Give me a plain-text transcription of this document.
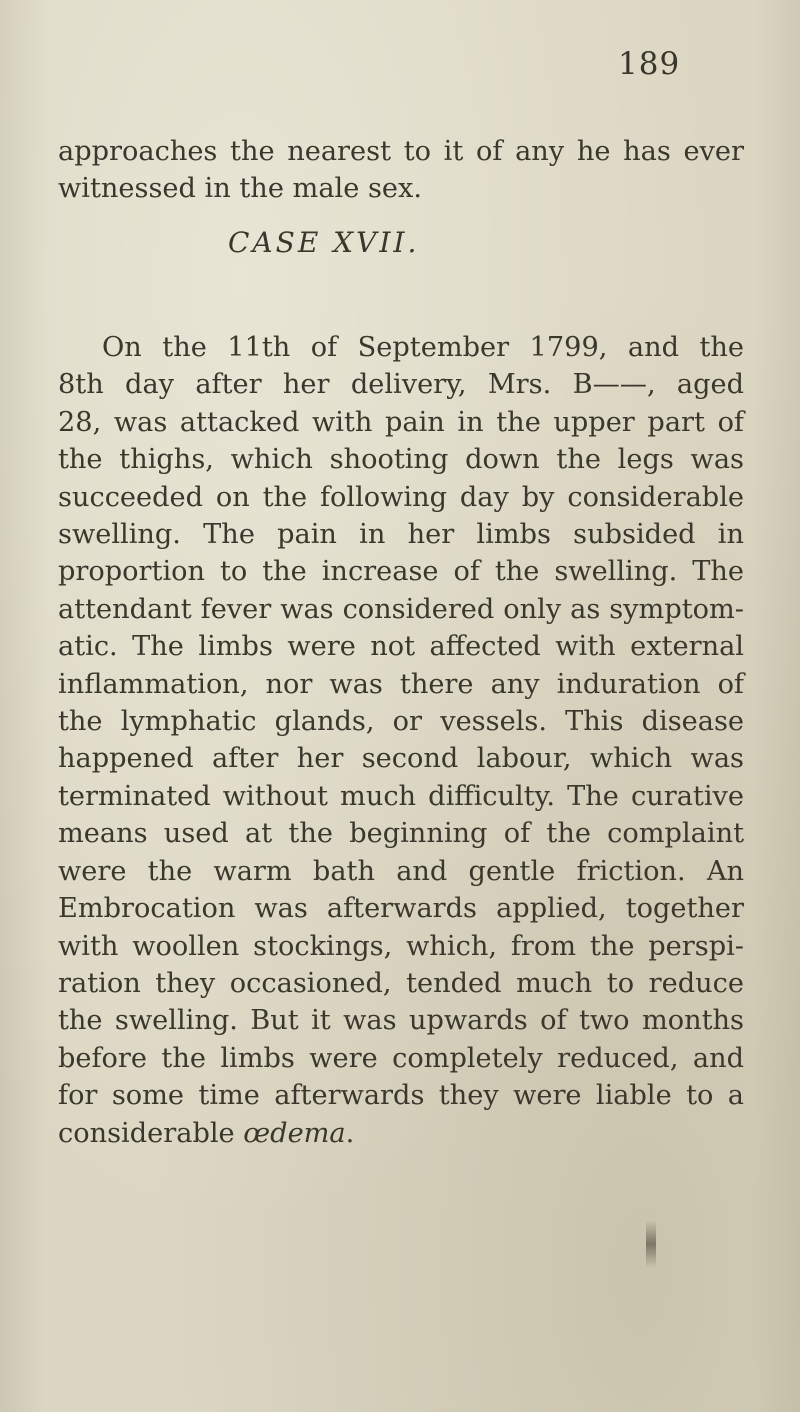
189
approaches the nearest to it of any he has ever
witnessed in the male sex.
CASE XVII.
On the 11th of September 1799, and the
8th day after her delivery, Mrs. B——, aged
28, was attacked with pain in the upper part of
the thighs, which shooting down the legs was
succeeded on the following day by considerable
swelling. The pain in her limbs subsided in
proportion to the increase of the swelling. The
attendant fever was considered only as symptom-
atic. The limbs were not affected with external
inflammation, nor was there any induration of
the lymphatic glands, or vessels. This disease
happened after her second labour, which was
terminated without much difficulty. The curative
means used at the beginning of the complaint
were the warm bath and gentle friction. An
Embrocation was afterwards applied, together
with woollen stockings, which, from the perspi-
ration they occasioned, tended much to reduce
the swelling. But it was upwards of two months
before the limbs were completely reduced, and
for some time afterwards they were liable to a
considerable œdema.
